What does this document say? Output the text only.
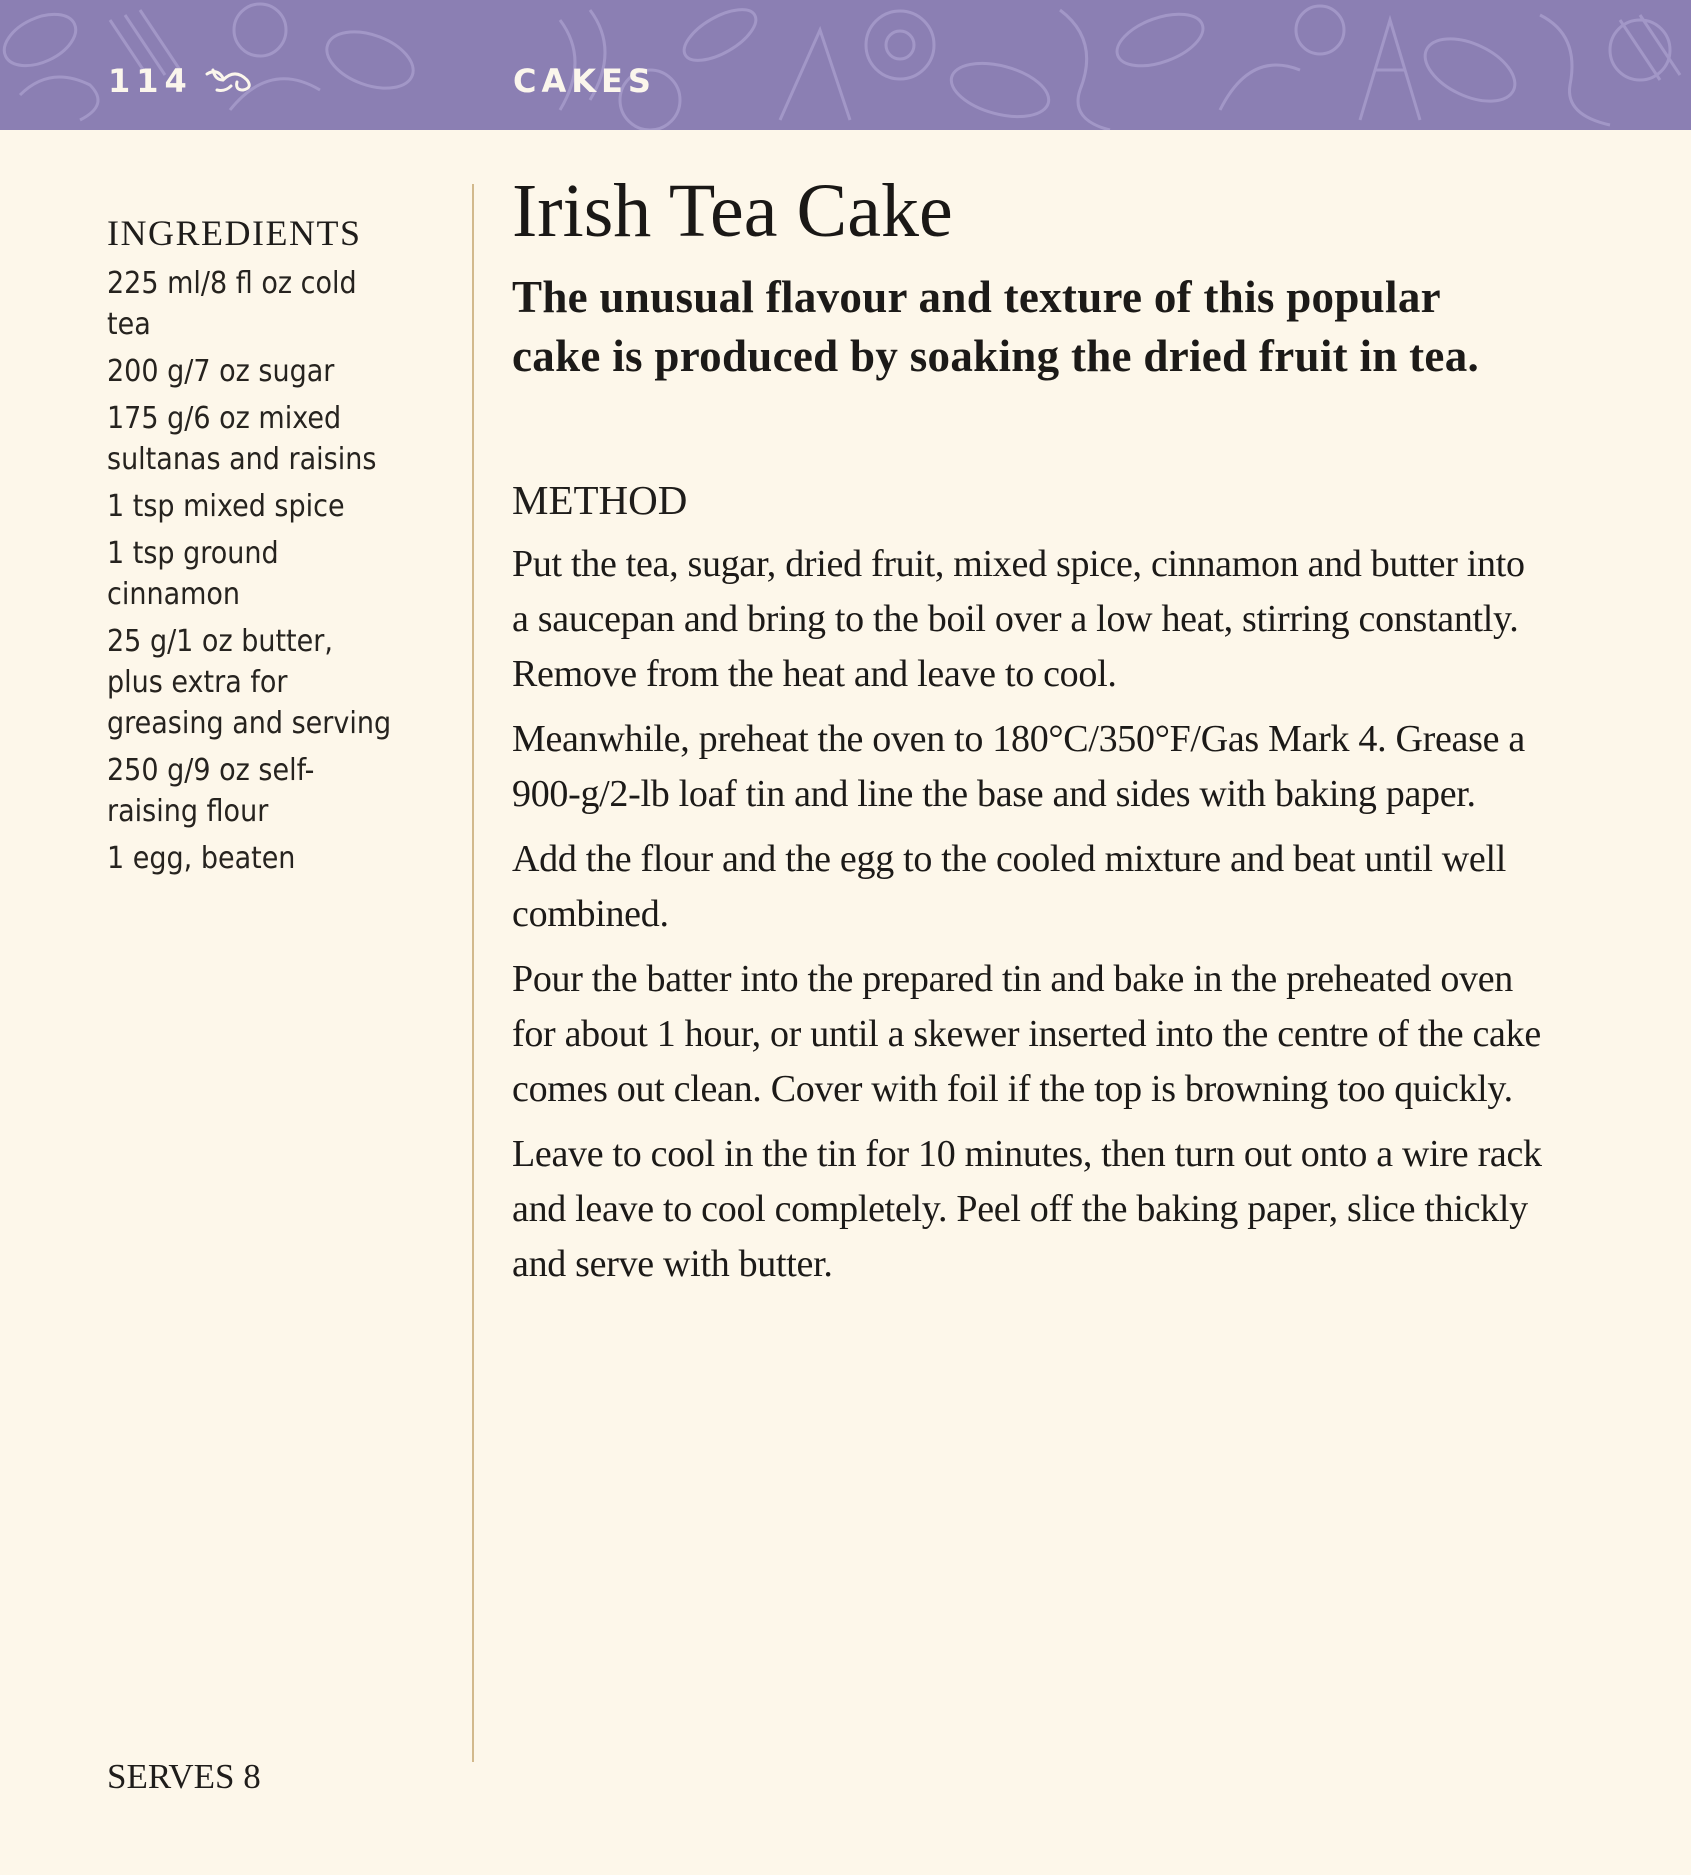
114	CAKES
INGREDIENTS
225 ml/8 fl oz cold tea
200 g/7 oz sugar
175 g/6 oz mixed sultanas and raisins
1 tsp mixed spice
1 tsp ground cinnamon
25 g/1 oz butter, plus extra for greasing and serving
250 g/9 oz self-raising flour
1 egg, beaten
SERVES 8
Irish Tea Cake
The unusual flavour and texture of this popular cake is produced by soaking the dried fruit in tea.
METHOD

Put the tea, sugar, dried fruit, mixed spice, cinnamon and butter into a saucepan and bring to the boil over a low heat, stirring constantly. Remove from the heat and leave to cool.

Meanwhile, preheat the oven to 180°C/350°F/Gas Mark 4. Grease a 900-g/2-lb loaf tin and line the base and sides with baking paper.

Add the flour and the egg to the cooled mixture and beat until well combined.

Pour the batter into the prepared tin and bake in the preheated oven for about 1 hour, or until a skewer inserted into the centre of the cake comes out clean. Cover with foil if the top is browning too quickly.

Leave to cool in the tin for 10 minutes, then turn out onto a wire rack and leave to cool completely. Peel off the baking paper, slice thickly and serve with butter.
